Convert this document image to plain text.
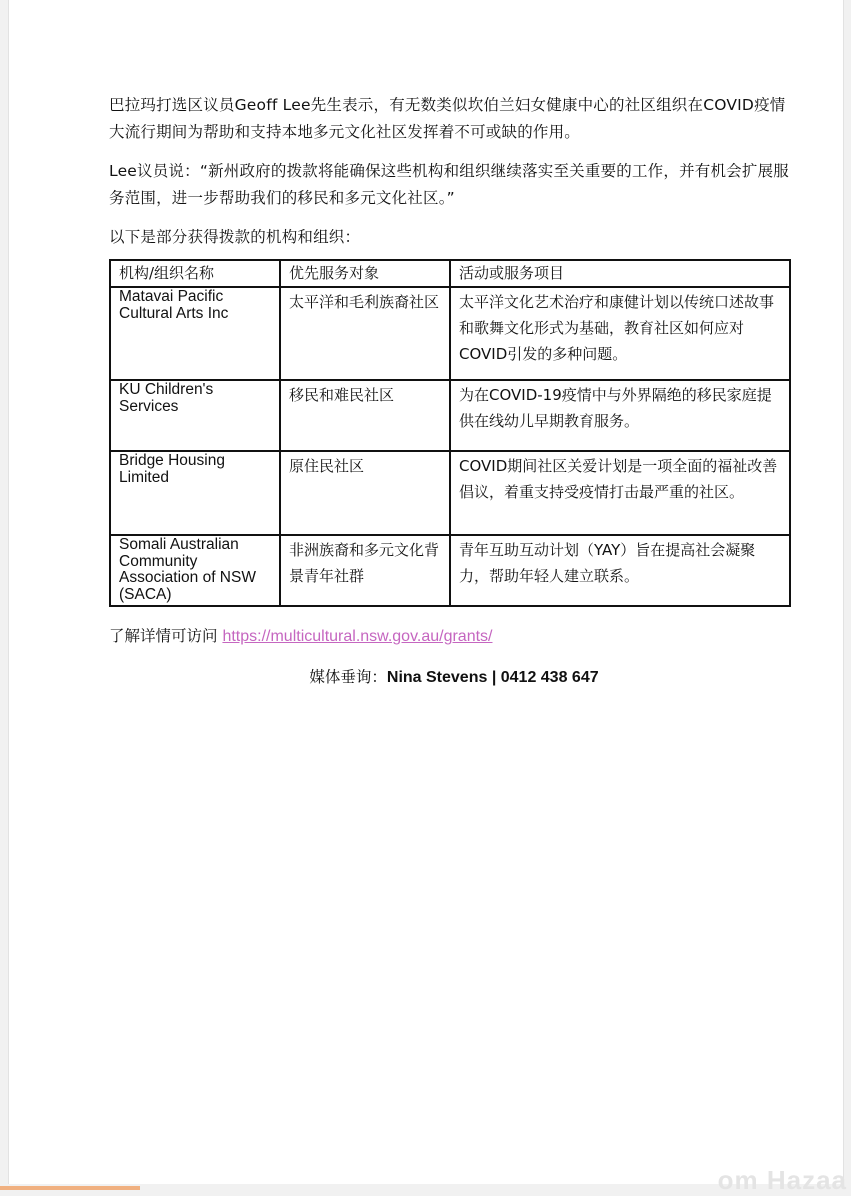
巴拉玛打选区议员Geoff Lee先生表示，有无数类似坎伯兰妇女健康中心的社区组织在COVID疫情大流行期间为帮助和支持本地多元文化社区发挥着不可或缺的作用。

Lee议员说：“新州政府的拨款将能确保这些机构和组织继续落实至关重要的工作，并有机会扩展服务范围，进一步帮助我们的移民和多元文化社区。”

以下是部分获得拨款的机构和组织：

机构/组织名称	优先服务对象	活动或服务项目
Matavai Pacific Cultural Arts Inc	太平洋和毛利族裔社区	太平洋文化艺术治疗和康健计划以传统口述故事和歌舞文化形式为基础，教育社区如何应对COVID引发的多种问题。
KU Children's Services	移民和难民社区	为在COVID-19疫情中与外界隔绝的移民家庭提供在线幼儿早期教育服务。
Bridge Housing Limited	原住民社区	COVID期间社区关爱计划是一项全面的福祉改善倡议，着重支持受疫情打击最严重的社区。
Somali Australian Community Association of NSW (SACA)	非洲族裔和多元文化背景青年社群	青年互助互动计划（YAY）旨在提高社会凝聚力，帮助年轻人建立联系。
了解详情可访问 https://multicultural.nsw.gov.au/grants/
媒体垂询：Nina Stevens | 0412 438 647
om Hazaa
